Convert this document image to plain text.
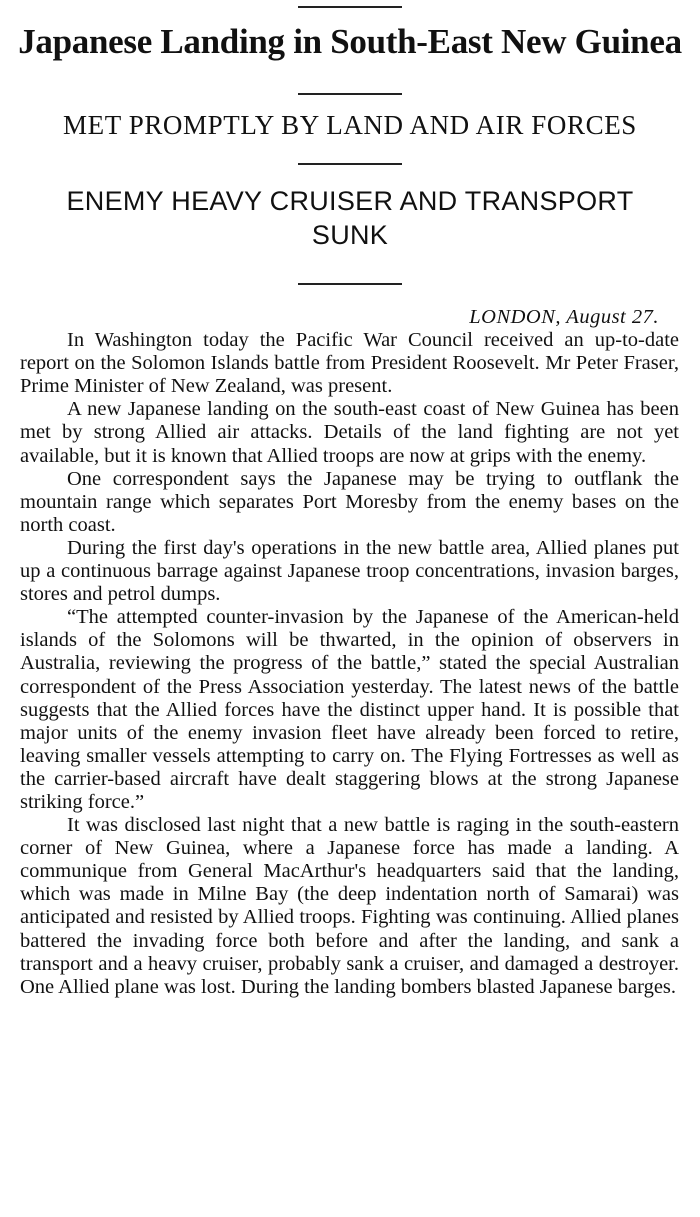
Japanese Landing in South-East New Guinea
MET PROMPTLY BY LAND AND AIR FORCES
ENEMY HEAVY CRUISER AND TRANSPORT
SUNK
LONDON, August 27.

In Washington today the Pacific War Council received an up-to-date report on the Solomon Islands battle from President Roosevelt. Mr Peter Fraser, Prime Minister of New Zealand, was present.

A new Japanese landing on the south-east coast of New Guinea has been met by strong Allied air attacks. Details of the land fighting are not yet available, but it is known that Allied troops are now at grips with the enemy.

One correspondent says the Japanese may be trying to outflank the mountain range which separates Port Moresby from the enemy bases on the north coast.

During the first day's operations in the new battle area, Allied planes put up a continuous barrage against Japanese troop concentrations, invasion barges, stores and petrol dumps.

“The attempted counter-invasion by the Japanese of the American-held islands of the Solomons will be thwarted, in the opinion of observers in Australia, reviewing the progress of the battle,” stated the special Australian correspondent of the Press Association yesterday. The latest news of the battle suggests that the Allied forces have the distinct upper hand. It is possible that major units of the enemy invasion fleet have already been forced to retire, leaving smaller vessels attempting to carry on. The Flying Fortresses as well as the carrier-based aircraft have dealt staggering blows at the strong Japanese striking force.”

It was disclosed last night that a new battle is raging in the south-eastern corner of New Guinea, where a Japanese force has made a landing. A communique from General MacArthur's headquarters said that the landing, which was made in Milne Bay (the deep indentation north of Samarai) was anticipated and resisted by Allied troops. Fighting was continuing. Allied planes battered the invading force both before and after the landing, and sank a transport and a heavy cruiser, probably sank a cruiser, and damaged a destroyer. One Allied plane was lost. During the landing bombers blasted Japanese barges.
